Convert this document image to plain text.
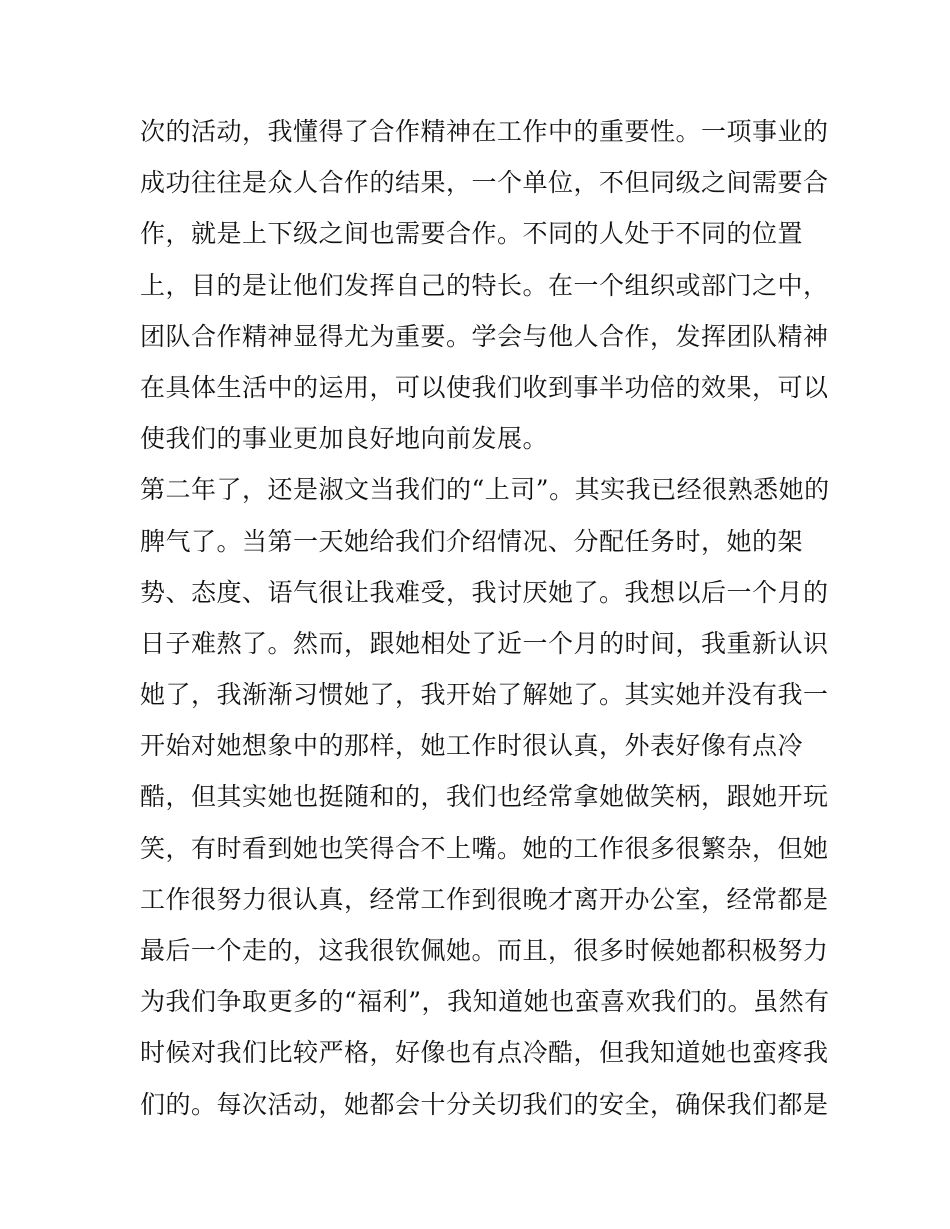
次的活动，我懂得了合作精神在工作中的重要性。一项事业的
成功往往是众人合作的结果，一个单位，不但同级之间需要合
作，就是上下级之间也需要合作。不同的人处于不同的位置
上，目的是让他们发挥自己的特长。在一个组织或部门之中，
团队合作精神显得尤为重要。学会与他人合作，发挥团队精神
在具体生活中的运用，可以使我们收到事半功倍的效果，可以
使我们的事业更加良好地向前发展。
第二年了，还是淑文当我们的“上司”。其实我已经很熟悉她的
脾气了。当第一天她给我们介绍情况、分配任务时，她的架
势、态度、语气很让我难受，我讨厌她了。我想以后一个月的
日子难熬了。然而，跟她相处了近一个月的时间，我重新认识
她了，我渐渐习惯她了，我开始了解她了。其实她并没有我一
开始对她想象中的那样，她工作时很认真，外表好像有点冷
酷，但其实她也挺随和的，我们也经常拿她做笑柄，跟她开玩
笑，有时看到她也笑得合不上嘴。她的工作很多很繁杂，但她
工作很努力很认真，经常工作到很晚才离开办公室，经常都是
最后一个走的，这我很钦佩她。而且，很多时候她都积极努力
为我们争取更多的“福利”，我知道她也蛮喜欢我们的。虽然有
时候对我们比较严格，好像也有点冷酷，但我知道她也蛮疼我
们的。每次活动，她都会十分关切我们的安全，确保我们都是
